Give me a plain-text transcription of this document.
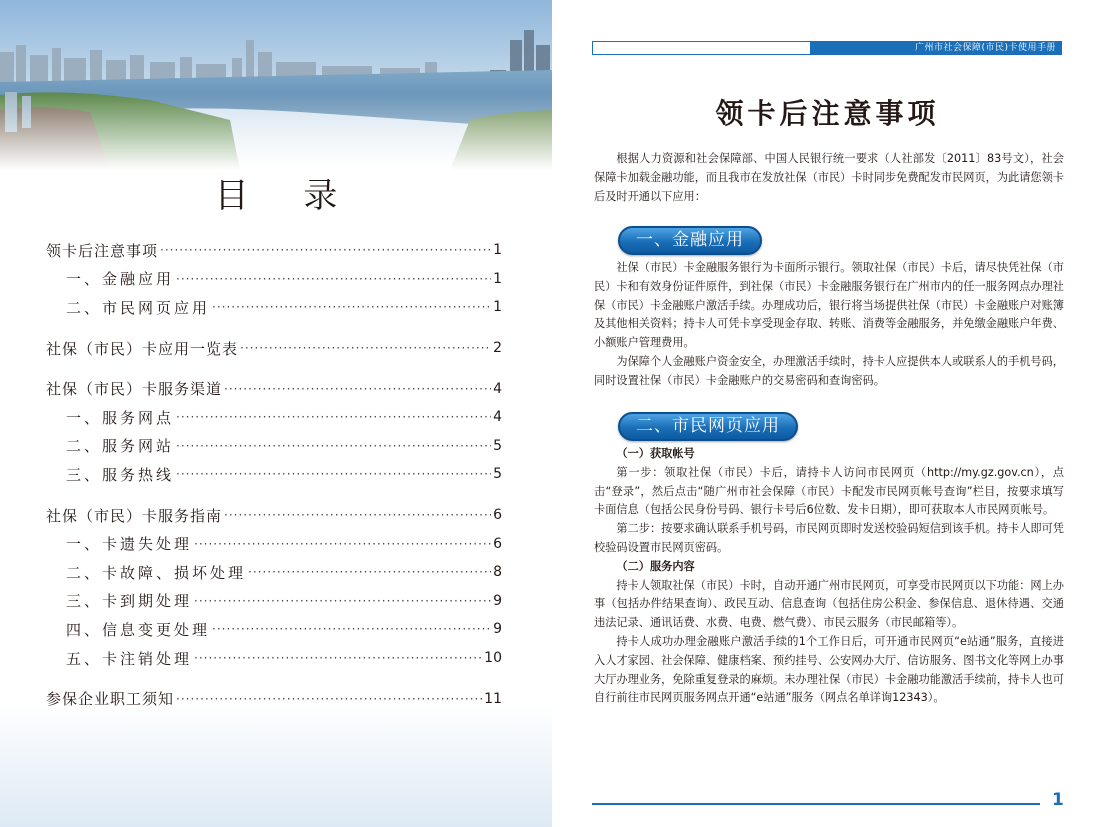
目 录
领卡后注意事项 ·····	1
一、金融应用 ·····	1
二、市民网页应用 ·····	1
社保（市民）卡应用一览表 ·····	2
社保（市民）卡服务渠道 ·····	4
一、服务网点 ·····	4
二、服务网站 ·····	5
三、服务热线 ·····	5
社保（市民）卡服务指南 ·····	6
一、卡遗失处理 ·····	6
二、卡故障、损坏处理 ·····	8
三、卡到期处理 ·····	9
四、信息变更处理 ·····	9
五、卡注销处理 ·····	10
参保企业职工须知 ·····	11
广州市社会保障(市民)卡使用手册
领卡后注意事项

根据人力资源和社会保障部、中国人民银行统一要求（人社部发〔2011〕83号文），社会保障卡加载金融功能，而且我市在发放社保（市民）卡时同步免费配发市民网页，为此请您领卡后及时开通以下应用：

一、金融应用

社保（市民）卡金融服务银行为卡面所示银行。领取社保（市民）卡后，请尽快凭社保（市民）卡和有效身份证件原件，到社保（市民）卡金融服务银行在广州市内的任一服务网点办理社保（市民）卡金融账户激活手续。办理成功后，银行将当场提供社保（市民）卡金融账户对账簿及其他相关资料；持卡人可凭卡享受现金存取、转账、消费等金融服务，并免缴金融账户年费、小额账户管理费用。

为保障个人金融账户资金安全，办理激活手续时，持卡人应提供本人或联系人的手机号码，同时设置社保（市民）卡金融账户的交易密码和查询密码。

二、市民网页应用

（一）获取帐号

第一步：领取社保（市民）卡后，请持卡人访问市民网页（http://my.gz.gov.cn），点击“登录”，然后点击“随广州市社会保障（市民）卡配发市民网页帐号查询”栏目，按要求填写卡面信息（包括公民身份号码、银行卡号后6位数、发卡日期），即可获取本人市民网页帐号。

第二步：按要求确认联系手机号码，市民网页即时发送校验码短信到该手机。持卡人即可凭校验码设置市民网页密码。

（二）服务内容

持卡人领取社保（市民）卡时，自动开通广州市民网页，可享受市民网页以下功能：网上办事（包括办件结果查询）、政民互动、信息查询（包括住房公积金、参保信息、退休待遇、交通违法记录、通讯话费、水费、电费、燃气费）、市民云服务（市民邮箱等）。

持卡人成功办理金融账户激活手续的1个工作日后，可开通市民网页“e站通”服务，直接进入人才家园、社会保障、健康档案、预约挂号、公安网办大厅、信访服务、图书文化等网上办事大厅办理业务，免除重复登录的麻烦。未办理社保（市民）卡金融功能激活手续前，持卡人也可自行前往市民网页服务网点开通“e站通”服务（网点名单详询12343）。

1
